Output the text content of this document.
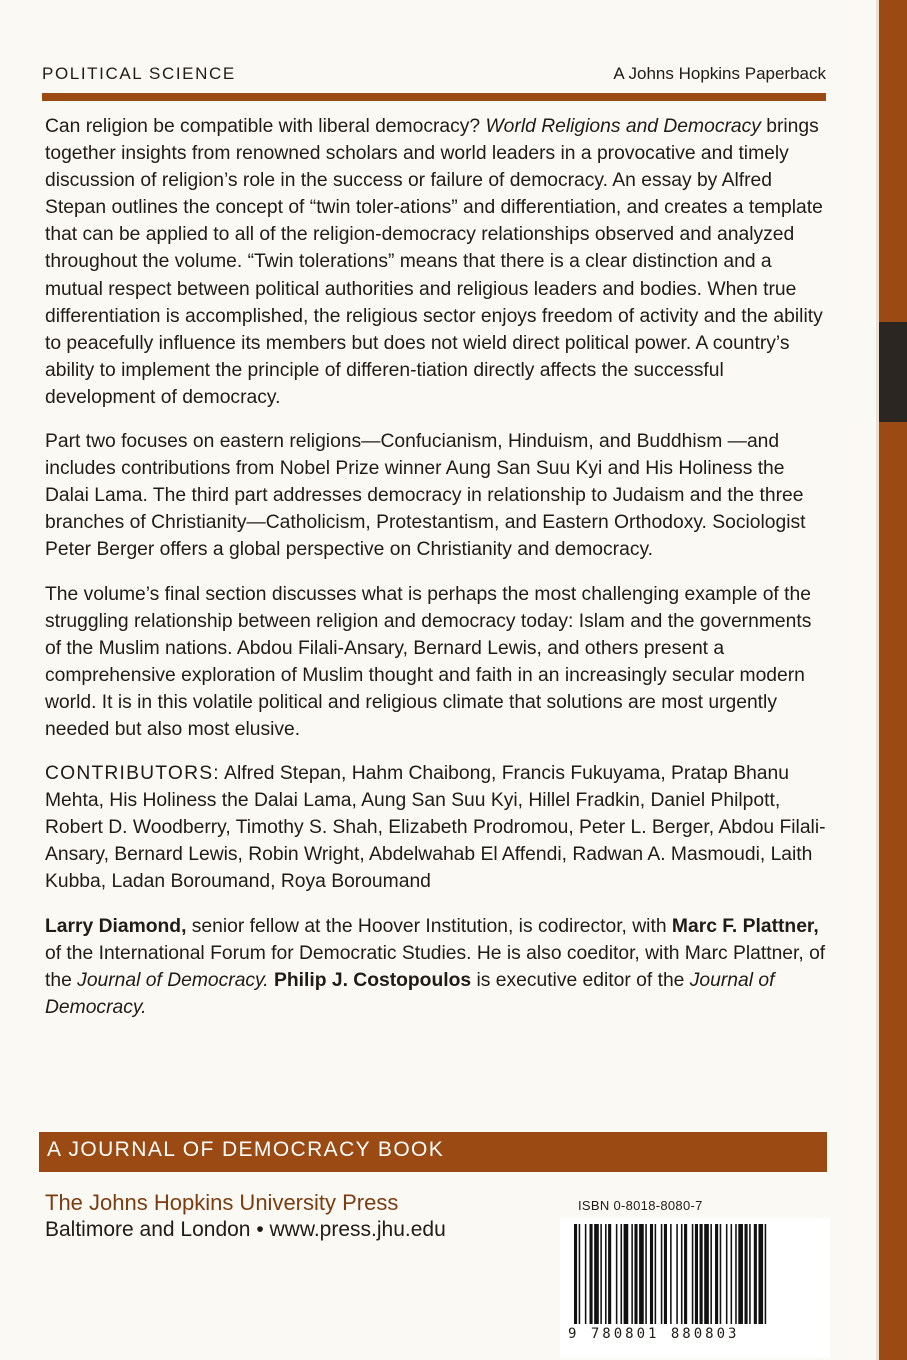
POLITICAL SCIENCE	A Johns Hopkins Paperback

Can religion be compatible with liberal democracy? World Religions and Democracy brings together insights from renowned scholars and world leaders in a provocative and timely discussion of religion’s role in the success or failure of democracy. An essay by Alfred Stepan outlines the concept of “twin toler-ations” and differentiation, and creates a template that can be applied to all of the religion-democracy relationships observed and analyzed throughout the volume. “Twin tolerations” means that there is a clear distinction and a mutual respect between political authorities and religious leaders and bodies. When true differentiation is accomplished, the religious sector enjoys freedom of activity and the ability to peacefully influence its members but does not wield direct political power. A country’s ability to implement the principle of differen-tiation directly affects the successful development of democracy.

Part two focuses on eastern religions—Confucianism, Hinduism, and Buddhism —and includes contributions from Nobel Prize winner Aung San Suu Kyi and His Holiness the Dalai Lama. The third part addresses democracy in relationship to Judaism and the three branches of Christianity—Catholicism, Protestantism, and Eastern Orthodoxy. Sociologist Peter Berger offers a global perspective on Christianity and democracy.

The volume’s final section discusses what is perhaps the most challenging example of the struggling relationship between religion and democracy today: Islam and the governments of the Muslim nations. Abdou Filali-Ansary, Bernard Lewis, and others present a comprehensive exploration of Muslim thought and faith in an increasingly secular modern world. It is in this volatile political and religious climate that solutions are most urgently needed but also most elusive.

CONTRIBUTORS: Alfred Stepan, Hahm Chaibong, Francis Fukuyama, Pratap Bhanu Mehta, His Holiness the Dalai Lama, Aung San Suu Kyi, Hillel Fradkin, Daniel Philpott, Robert D. Woodberry, Timothy S. Shah, Elizabeth Prodromou, Peter L. Berger, Abdou Filali-Ansary, Bernard Lewis, Robin Wright, Abdelwahab El Affendi, Radwan A. Masmoudi, Laith Kubba, Ladan Boroumand, Roya Boroumand

Larry Diamond, senior fellow at the Hoover Institution, is codirector, with Marc F. Plattner, of the International Forum for Democratic Studies. He is also coeditor, with Marc Plattner, of the Journal of Democracy. Philip J. Costopoulos is executive editor of the Journal of Democracy.

A JOURNAL OF DEMOCRACY BOOK
The Johns Hopkins University Press
Baltimore and London • www.press.jhu.edu
ISBN 0-8018-8080-7
9 780801 880803
